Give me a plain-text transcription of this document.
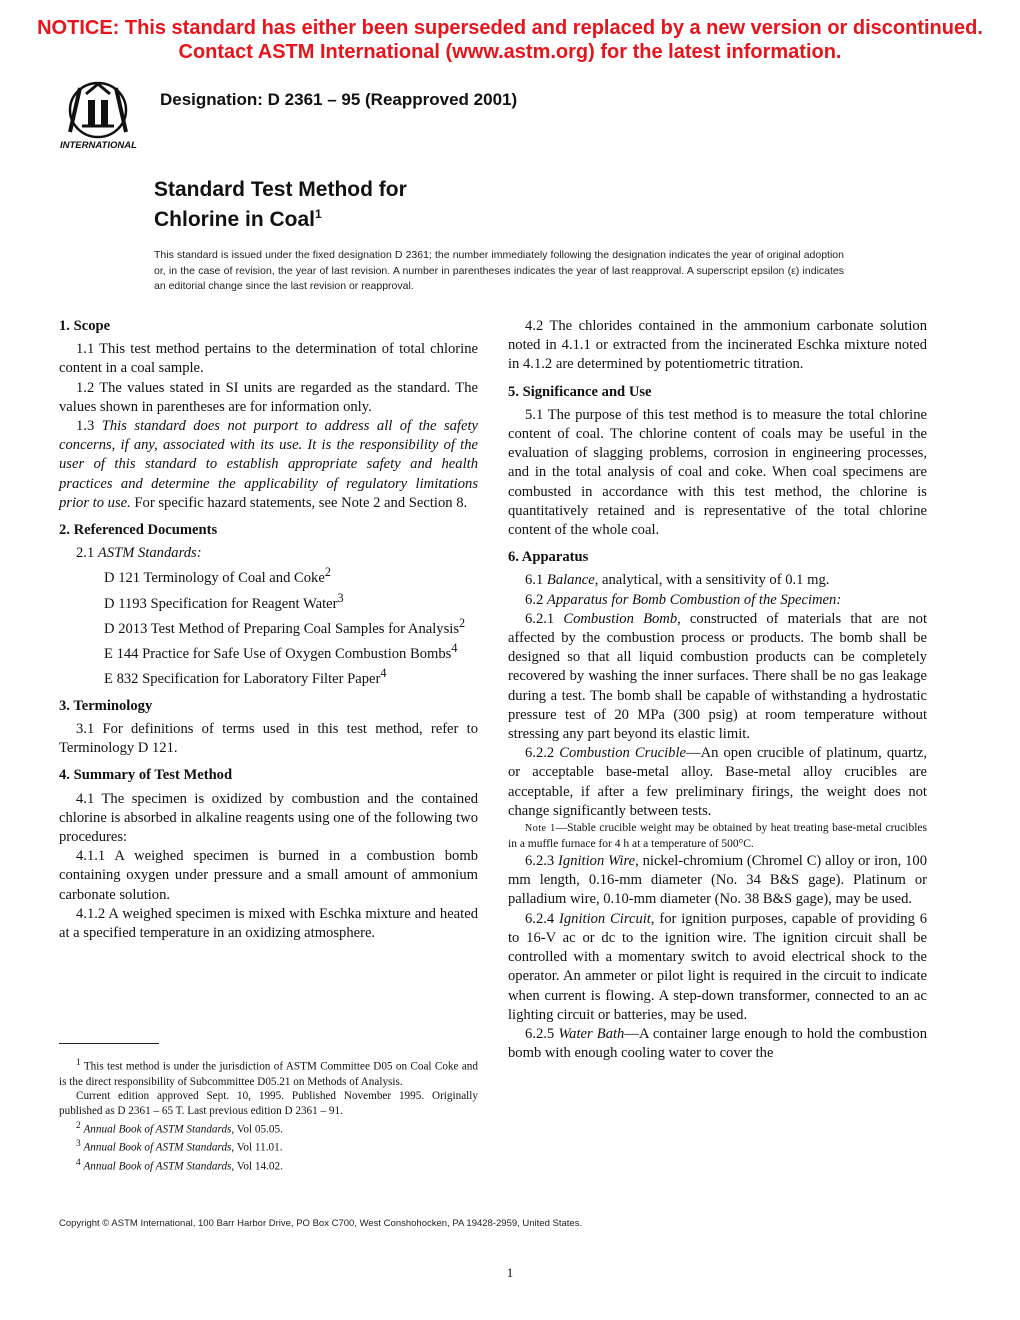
NOTICE: This standard has either been superseded and replaced by a new version or discontinued.
Contact ASTM International (www.astm.org) for the latest information.
INTERNATIONAL
Designation: D 2361 – 95 (Reapproved 2001)
Standard Test Method for
Chlorine in Coal$^1$
This standard is issued under the fixed designation D 2361; the number immediately following the designation indicates the year of original adoption or, in the case of revision, the year of last revision. A number in parentheses indicates the year of last reapproval. A superscript epsilon (ε) indicates an editorial change since the last revision or reapproval.
1. Scope

1.1 This test method pertains to the determination of total chlorine content in a coal sample.

1.2 The values stated in SI units are regarded as the standard. The values shown in parentheses are for information only.

1.3 This standard does not purport to address all of the safety concerns, if any, associated with its use. It is the responsibility of the user of this standard to establish appropriate safety and health practices and determine the applicability of regulatory limitations prior to use. For specific hazard statements, see Note 2 and Section 8.

2. Referenced Documents

2.1 ASTM Standards:

D 121 Terminology of Coal and Coke$^2$

D 1193 Specification for Reagent Water$^3$

D 2013 Test Method of Preparing Coal Samples for Analysis$^2$

E 144 Practice for Safe Use of Oxygen Combustion Bombs$^4$

E 832 Specification for Laboratory Filter Paper$^4$

3. Terminology

3.1 For definitions of terms used in this test method, refer to Terminology D 121.

4. Summary of Test Method

4.1 The specimen is oxidized by combustion and the contained chlorine is absorbed in alkaline reagents using one of the following two procedures:

4.1.1 A weighed specimen is burned in a combustion bomb containing oxygen under pressure and a small amount of ammonium carbonate solution.

4.1.2 A weighed specimen is mixed with Eschka mixture and heated at a specified temperature in an oxidizing atmosphere.

$^1$ This test method is under the jurisdiction of ASTM Committee D05 on Coal Coke and is the direct responsibility of Subcommittee D05.21 on Methods of Analysis.

Current edition approved Sept. 10, 1995. Published November 1995. Originally published as D 2361 – 65 T. Last previous edition D 2361 – 91.

$^2$ Annual Book of ASTM Standards, Vol 05.05.

$^3$ Annual Book of ASTM Standards, Vol 11.01.

$^4$ Annual Book of ASTM Standards, Vol 14.02.

4.2 The chlorides contained in the ammonium carbonate solution noted in 4.1.1 or extracted from the incinerated Eschka mixture noted in 4.1.2 are determined by potentiometric titration.

5. Significance and Use

5.1 The purpose of this test method is to measure the total chlorine content of coal. The chlorine content of coals may be useful in the evaluation of slagging problems, corrosion in engineering processes, and in the total analysis of coal and coke. When coal specimens are combusted in accordance with this test method, the chlorine is quantitatively retained and is representative of the total chlorine content of the whole coal.

6. Apparatus

6.1 Balance, analytical, with a sensitivity of 0.1 mg.

6.2 Apparatus for Bomb Combustion of the Specimen:

6.2.1 Combustion Bomb, constructed of materials that are not affected by the combustion process or products. The bomb shall be designed so that all liquid combustion products can be completely recovered by washing the inner surfaces. There shall be no gas leakage during a test. The bomb shall be capable of withstanding a hydrostatic pressure test of 20 MPa (300 psig) at room temperature without stressing any part beyond its elastic limit.

6.2.2 Combustion Crucible—An open crucible of platinum, quartz, or acceptable base-metal alloy. Base-metal alloy crucibles are acceptable, if after a few preliminary firings, the weight does not change significantly between tests.

Note 1—Stable crucible weight may be obtained by heat treating base-metal crucibles in a muffle furnace for 4 h at a temperature of 500°C.

6.2.3 Ignition Wire, nickel-chromium (Chromel C) alloy or iron, 100 mm length, 0.16-mm diameter (No. 34 B&S gage). Platinum or palladium wire, 0.10-mm diameter (No. 38 B&S gage), may be used.

6.2.4 Ignition Circuit, for ignition purposes, capable of providing 6 to 16-V ac or dc to the ignition wire. The ignition circuit shall be controlled with a momentary switch to avoid electrical shock to the operator. An ammeter or pilot light is required in the circuit to indicate when current is flowing. A step-down transformer, connected to an ac lighting circuit or batteries, may be used.

6.2.5 Water Bath—A container large enough to hold the combustion bomb with enough cooling water to cover the

Copyright © ASTM International, 100 Barr Harbor Drive, PO Box C700, West Conshohocken, PA 19428-2959, United States.
1
